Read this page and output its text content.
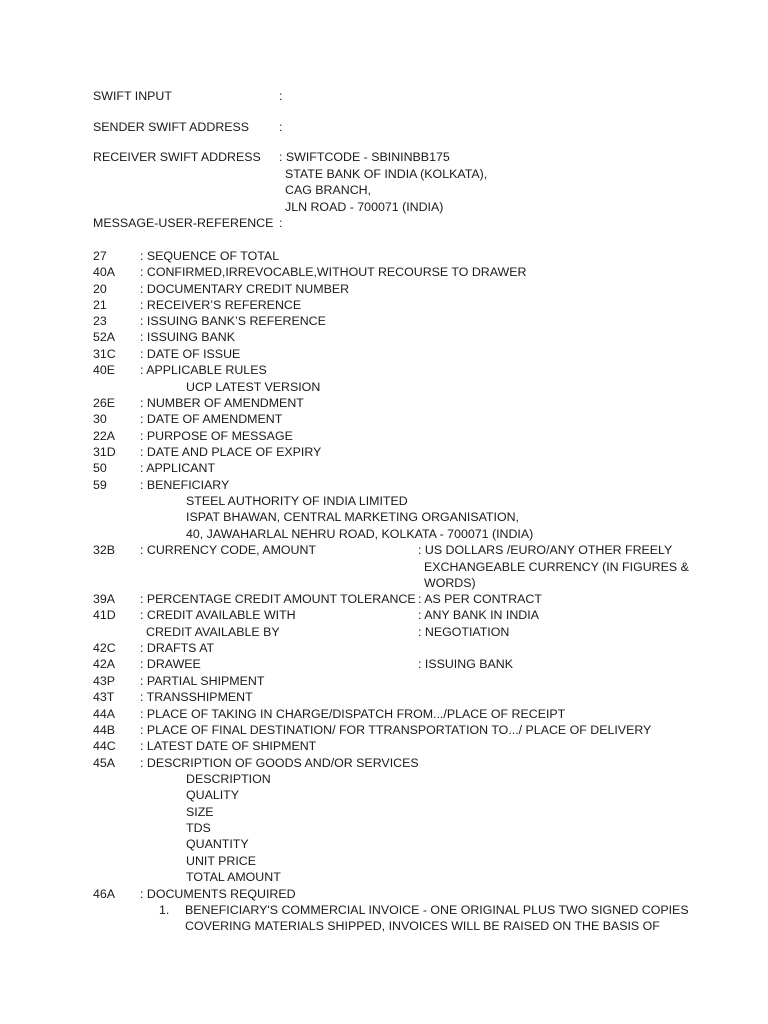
SWIFT INPUT	:
SENDER SWIFT ADDRESS :
RECEIVER SWIFT ADDRESS : SWIFTCODE - SBININBB175
STATE BANK OF INDIA (KOLKATA),
CAG BRANCH,
JLN ROAD - 700071 (INDIA)
MESSAGE-USER-REFERENCE :
27	: SEQUENCE OF TOTAL
40A : CONFIRMED,IRREVOCABLE,WITHOUT RECOURSE TO DRAWER
20	: DOCUMENTARY CREDIT NUMBER
21	: RECEIVER’S REFERENCE
23	: ISSUING BANK’S REFERENCE
52A : ISSUING BANK
31C : DATE OF ISSUE
40E : APPLICABLE RULES
UCP LATEST VERSION
26E : NUMBER OF AMENDMENT
30	: DATE OF AMENDMENT
22A : PURPOSE OF MESSAGE
31D : DATE AND PLACE OF EXPIRY
50	: APPLICANT
59	: BENEFICIARY
STEEL AUTHORITY OF INDIA LIMITED
ISPAT BHAWAN, CENTRAL MARKETING ORGANISATION,
40, JAWAHARLAL NEHRU ROAD, KOLKATA - 700071 (INDIA)
32B : CURRENCY CODE, AMOUNT	: US DOLLARS /EURO/ANY OTHER FREELY
EXCHANGEABLE CURRENCY (IN FIGURES &
WORDS)
39A : PERCENTAGE CREDIT AMOUNT TOLERANCE : AS PER CONTRACT
41D : CREDIT AVAILABLE WITH	: ANY BANK IN INDIA
CREDIT AVAILABLE BY	: NEGOTIATION
42C : DRAFTS AT
42A : DRAWEE	: ISSUING BANK
43P : PARTIAL SHIPMENT
43T : TRANSSHIPMENT
44A : PLACE OF TAKING IN CHARGE/DISPATCH FROM.../PLACE OF RECEIPT
44B : PLACE OF FINAL DESTINATION/ FOR TTRANSPORTATION TO.../ PLACE OF DELIVERY
44C : LATEST DATE OF SHIPMENT
45A : DESCRIPTION OF GOODS AND/OR SERVICES
DESCRIPTION
QUALITY
SIZE
TDS
QUANTITY
UNIT PRICE
TOTAL AMOUNT
46A : DOCUMENTS REQUIRED
1. BENEFICIARY'S COMMERCIAL INVOICE - ONE ORIGINAL PLUS TWO SIGNED COPIES
COVERING MATERIALS SHIPPED, INVOICES WILL BE RAISED ON THE BASIS OF
